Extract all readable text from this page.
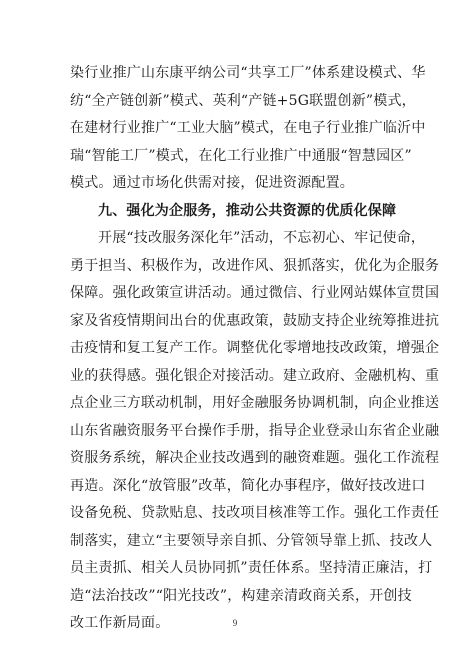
染行业推广山东康平纳公司“共享工厂”体系建设模式、华
纺“全产链创新”模式、英利“产链+5G联盟创新”模式，
在建材行业推广“工业大脑”模式，在电子行业推广临沂中
瑞“智能工厂”模式，在化工行业推广中通服“智慧园区”
模式。通过市场化供需对接，促进资源配置。
九、强化为企服务，推动公共资源的优质化保障
开展“技改服务深化年”活动，不忘初心、牢记使命，
勇于担当、积极作为，改进作风、狠抓落实，优化为企服务
保障。强化政策宣讲活动。通过微信、行业网站媒体宣贯国
家及省疫情期间出台的优惠政策，鼓励支持企业统筹推进抗
击疫情和复工复产工作。调整优化零增地技改政策，增强企
业的获得感。强化银企对接活动。建立政府、金融机构、重
点企业三方联动机制，用好金融服务协调机制，向企业推送
山东省融资服务平台操作手册，指导企业登录山东省企业融
资服务系统，解决企业技改遇到的融资难题。强化工作流程
再造。深化“放管服”改革，简化办事程序，做好技改进口
设备免税、贷款贴息、技改项目核准等工作。强化工作责任
制落实，建立“主要领导亲自抓、分管领导靠上抓、技改人
员主责抓、相关人员协同抓”责任体系。坚持清正廉洁，打
造“法治技改”“阳光技改”，构建亲清政商关系，开创技
改工作新局面。	9
